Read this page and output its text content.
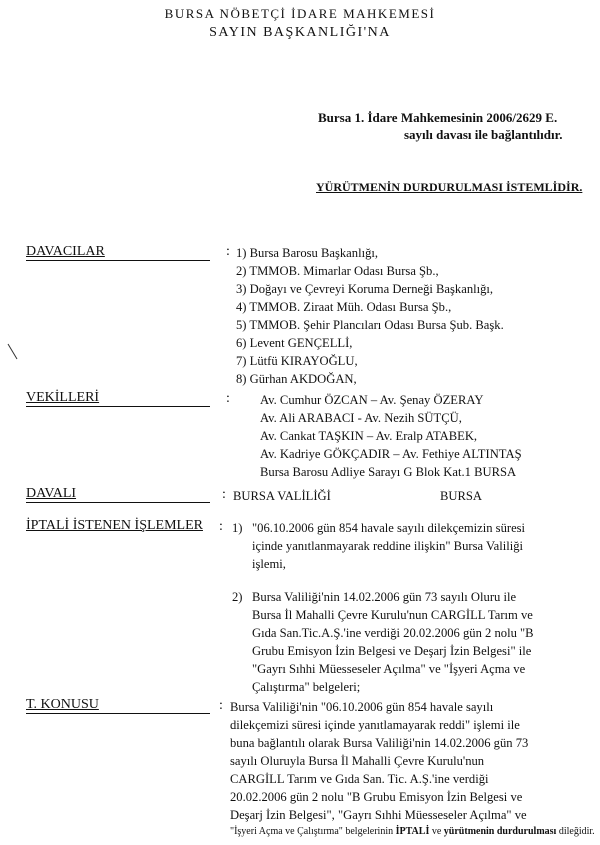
BURSA NÖBETÇİ İDARE MAHKEMESİ
SAYIN BAŞKANLIĞI'NA
Bursa 1. İdare Mahkemesinin 2006/2629 E.
sayılı davası ile bağlantılıdır.
YÜRÜTMENİN DURDURULMASI İSTEMLİDİR.
DAVACILAR	: 1) Bursa Barosu Başkanlığı,
2) TMMOB. Mimarlar Odası Bursa Şb.,
3) Doğayı ve Çevreyi Koruma Derneği Başkanlığı,
4) TMMOB. Ziraat Müh. Odası Bursa Şb.,
5) TMMOB. Şehir Plancıları Odası Bursa Şub. Başk.
6) Levent GENÇELLİ,
7) Lütfü KIRAYOĞLU,
8) Gürhan AKDOĞAN,
VEKİLLERİ	: Av. Cumhur ÖZCAN – Av. Şenay ÖZERAY
Av. Ali ARABACI - Av. Nezih SÜTÇÜ,
Av. Cankat TAŞKIN – Av. Eralp ATABEK,
Av. Kadriye GÖKÇADIR – Av. Fethiye ALTINTAŞ
Bursa Barosu Adliye Sarayı G Blok Kat.1 BURSA
DAVALI	: BURSA VALİLİĞİ	BURSA
İPTALİ İSTENEN İŞLEMLER : 1) "06.10.2006 gün 854 havale sayılı dilekçemizin süresi
içinde yanıtlanmayarak reddine ilişkin" Bursa Valiliği
işlemi,
2) Bursa Valiliği'nin 14.02.2006 gün 73 sayılı Oluru ile
Bursa İl Mahalli Çevre Kurulu'nun CARGİLL Tarım ve
Gıda San.Tic.A.Ş.'ine verdiği 20.02.2006 gün 2 nolu "B
Grubu Emisyon İzin Belgesi ve Deşarj İzin Belgesi" ile
"Gayrı Sıhhi Müesseseler Açılma" ve "İşyeri Açma ve
Çalıştırma" belgeleri;
T. KONUSU	: Bursa Valiliği'nin "06.10.2006 gün 854 havale sayılı
dilekçemizi süresi içinde yanıtlamayarak reddi" işlemi ile
buna bağlantılı olarak Bursa Valiliği'nin 14.02.2006 gün 73
sayılı Oluruyla Bursa İl Mahalli Çevre Kurulu'nun
CARGİLL Tarım ve Gıda San. Tic. A.Ş.'ine verdiği
20.02.2006 gün 2 nolu "B Grubu Emisyon İzin Belgesi ve
Deşarj İzin Belgesi", "Gayrı Sıhhi Müesseseler Açılma" ve
"İşyeri Açma ve Çalıştırma" belgelerinin İPTALİ ve yürütmenin durdurulması dileğidir.
